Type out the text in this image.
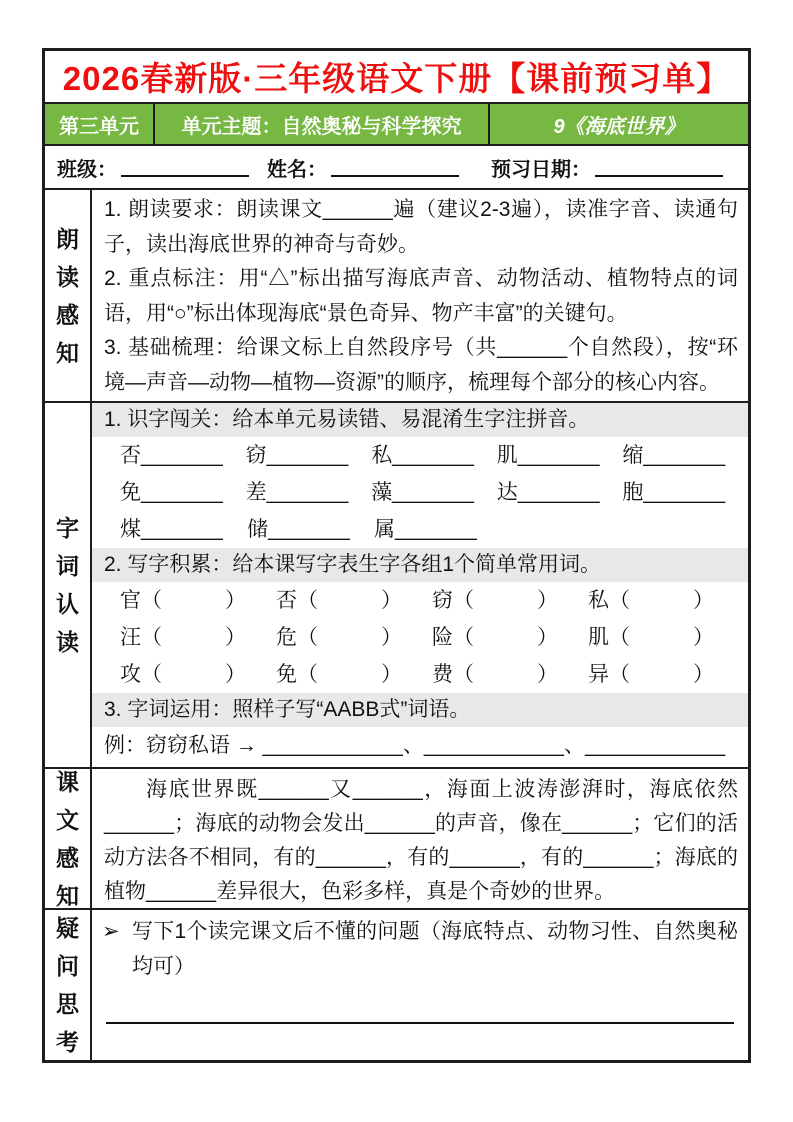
2026春新版·三年级语文下册【课前预习单】
第三单元	单元主题：自然奥秘与科学探究	9《海底世界》
班级：	姓名：	预习日期：
朗读感知
1. 朗读要求：朗读课文______遍（建议2-3遍），读准字音、读通句子，读出海底世界的神奇与奇妙。
2. 重点标注：用“△”标出描写海底声音、动物活动、植物特点的词语，用“○”标出体现海底“景色奇异、物产丰富”的关键句。
3. 基础梳理：给课文标上自然段序号（共______个自然段），按“环境—声音—动物—植物—资源”的顺序，梳理每个部分的核心内容。
字词认读
1. 识字闯关：给本单元易读错、易混淆生字注拼音。
否_______	窃_______	私_______	肌_______	缩_______
免_______	差_______	藻_______	达_______	胞_______
煤_______	储_______	属_______
2. 写字积累：给本课写字表生字各组1个简单常用词。
官（　　　）	否（　　　）	窃（　　　）	私（　　　）
汪（　　　）	危（　　　）	险（　　　）	肌（　　　）
攻（　　　）	免（　　　）	费（　　　）	异（　　　）
3. 字词运用：照样子写“AABB式”词语。
例：窃窃私语 → ____________、____________、____________
课文感知
海底世界既______又______，海面上波涛澎湃时，海底依然______；海底的动物会发出______的声音，像在______；它们的活动方法各不相同，有的______，有的______，有的______；海底的植物______差异很大，色彩多样，真是个奇妙的世界。
疑问思考
➢ 写下1个读完课文后不懂的问题（海底特点、动物习性、自然奥秘均可）
